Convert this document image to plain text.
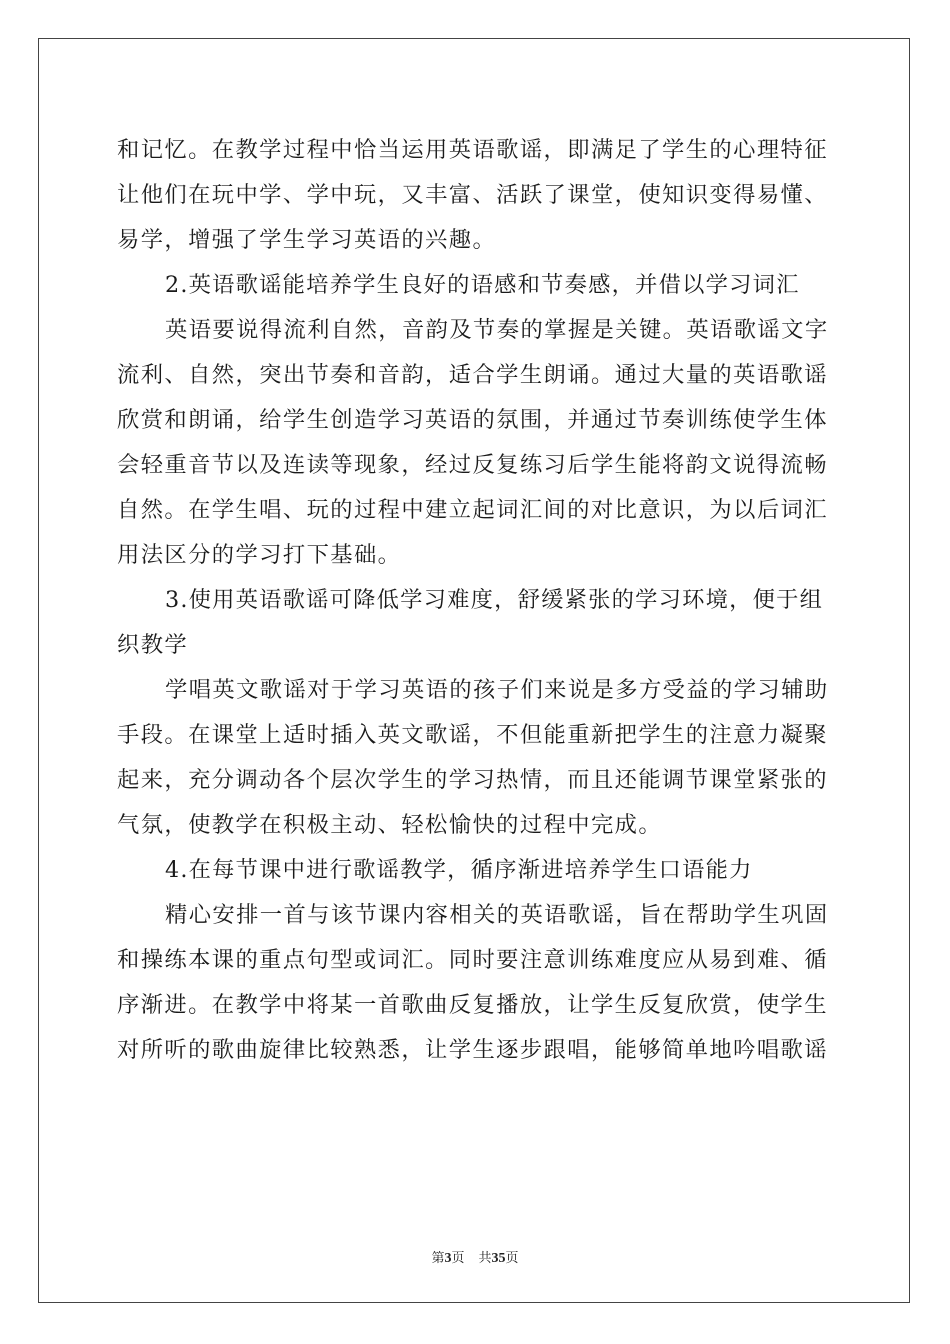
和记忆。在教学过程中恰当运用英语歌谣，即满足了学生的心理特征
让他们在玩中学、学中玩，又丰富、活跃了课堂，使知识变得易懂、
易学，增强了学生学习英语的兴趣。
2.英语歌谣能培养学生良好的语感和节奏感，并借以学习词汇
英语要说得流利自然，音韵及节奏的掌握是关键。英语歌谣文字
流利、自然，突出节奏和音韵，适合学生朗诵。通过大量的英语歌谣
欣赏和朗诵，给学生创造学习英语的氛围，并通过节奏训练使学生体
会轻重音节以及连读等现象，经过反复练习后学生能将韵文说得流畅
自然。在学生唱、玩的过程中建立起词汇间的对比意识，为以后词汇
用法区分的学习打下基础。
3.使用英语歌谣可降低学习难度，舒缓紧张的学习环境，便于组
织教学
学唱英文歌谣对于学习英语的孩子们来说是多方受益的学习辅助
手段。在课堂上适时插入英文歌谣，不但能重新把学生的注意力凝聚
起来，充分调动各个层次学生的学习热情，而且还能调节课堂紧张的
气氛，使教学在积极主动、轻松愉快的过程中完成。
4.在每节课中进行歌谣教学，循序渐进培养学生口语能力
精心安排一首与该节课内容相关的英语歌谣，旨在帮助学生巩固
和操练本课的重点句型或词汇。同时要注意训练难度应从易到难、循
序渐进。在教学中将某一首歌曲反复播放，让学生反复欣赏，使学生
对所听的歌曲旋律比较熟悉，让学生逐步跟唱，能够简单地吟唱歌谣
第3页 共35页
